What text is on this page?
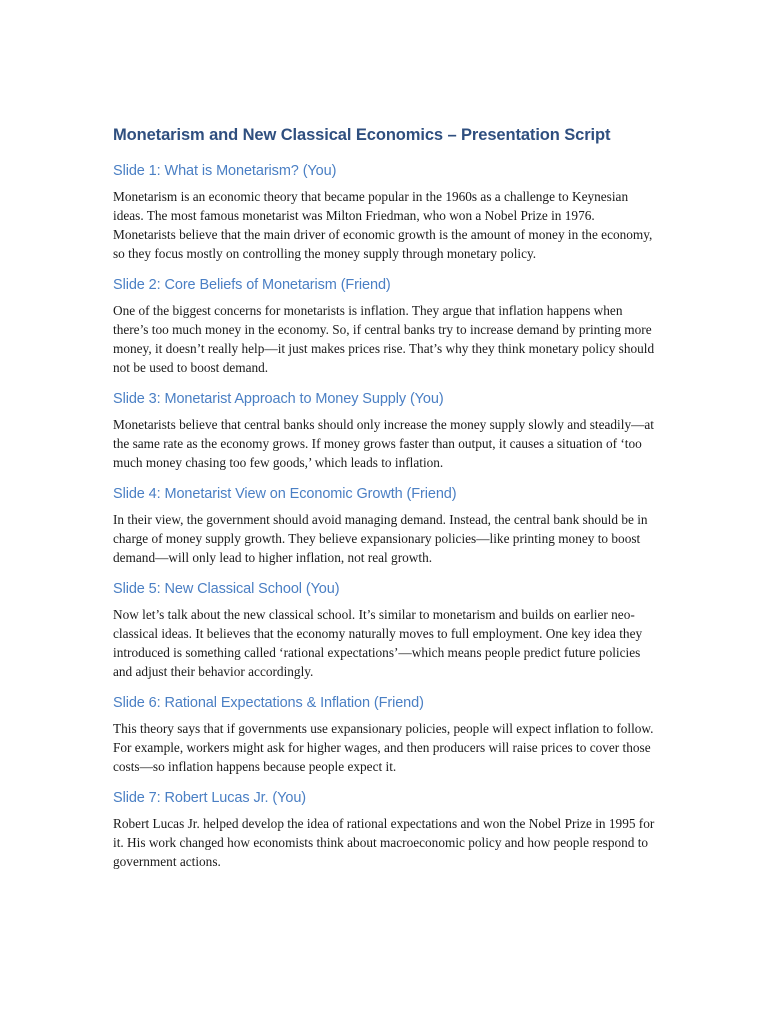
Monetarism and New Classical Economics – Presentation Script
Slide 1: What is Monetarism? (You)

Monetarism is an economic theory that became popular in the 1960s as a challenge to Keynesian ideas. The most famous monetarist was Milton Friedman, who won a Nobel Prize in 1976. Monetarists believe that the main driver of economic growth is the amount of money in the economy, so they focus mostly on controlling the money supply through monetary policy.

Slide 2: Core Beliefs of Monetarism (Friend)

One of the biggest concerns for monetarists is inflation. They argue that inflation happens when there’s too much money in the economy. So, if central banks try to increase demand by printing more money, it doesn’t really help—it just makes prices rise. That’s why they think monetary policy should not be used to boost demand.

Slide 3: Monetarist Approach to Money Supply (You)

Monetarists believe that central banks should only increase the money supply slowly and steadily—at the same rate as the economy grows. If money grows faster than output, it causes a situation of ‘too much money chasing too few goods,’ which leads to inflation.

Slide 4: Monetarist View on Economic Growth (Friend)

In their view, the government should avoid managing demand. Instead, the central bank should be in charge of money supply growth. They believe expansionary policies—like printing money to boost demand—will only lead to higher inflation, not real growth.

Slide 5: New Classical School (You)

Now let’s talk about the new classical school. It’s similar to monetarism and builds on earlier neo-classical ideas. It believes that the economy naturally moves to full employment. One key idea they introduced is something called ‘rational expectations’—which means people predict future policies and adjust their behavior accordingly.

Slide 6: Rational Expectations & Inflation (Friend)

This theory says that if governments use expansionary policies, people will expect inflation to follow. For example, workers might ask for higher wages, and then producers will raise prices to cover those costs—so inflation happens because people expect it.

Slide 7: Robert Lucas Jr. (You)

Robert Lucas Jr. helped develop the idea of rational expectations and won the Nobel Prize in 1995 for it. His work changed how economists think about macroeconomic policy and how people respond to government actions.
